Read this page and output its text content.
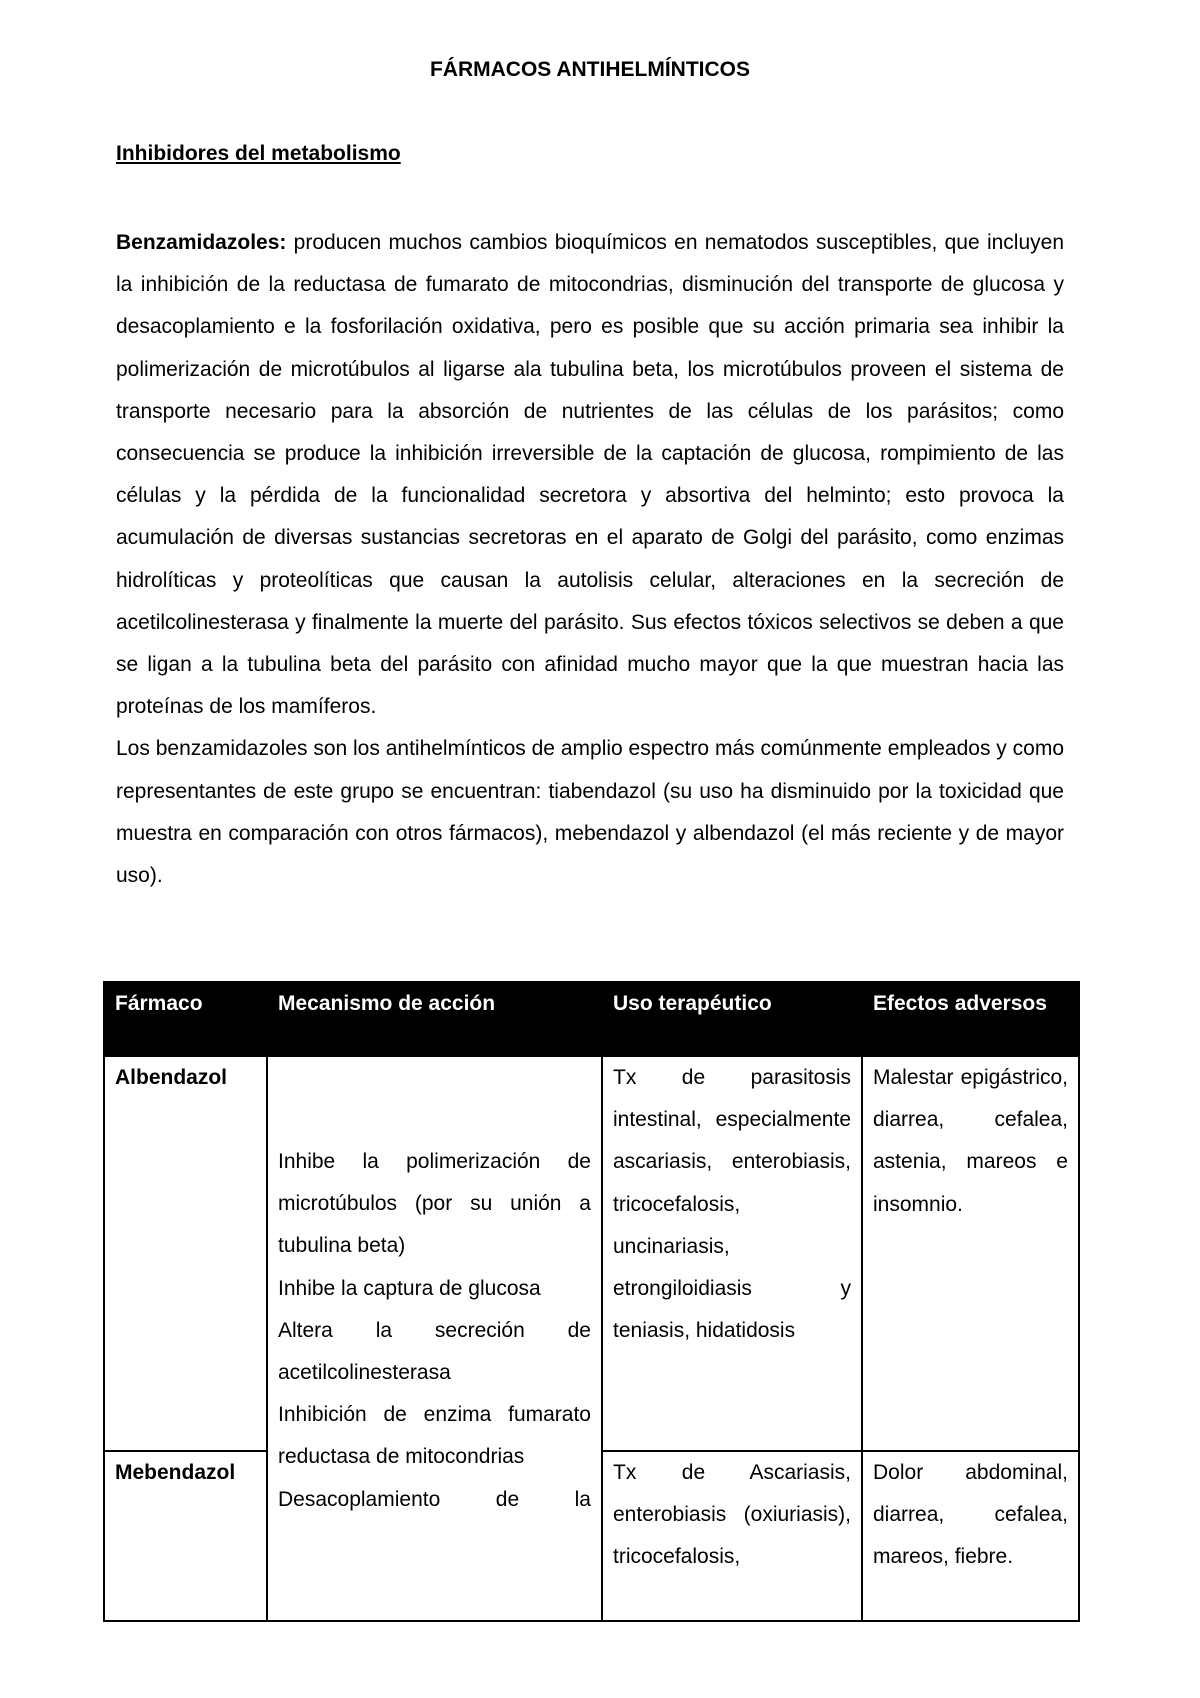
FÁRMACOS ANTIHELMÍNTICOS
Inhibidores del metabolismo

Benzamidazoles: producen muchos cambios bioquímicos en nematodos susceptibles, que incluyen la inhibición de la reductasa de fumarato de mitocondrias, disminución del transporte de glucosa y desacoplamiento e la fosforilación oxidativa, pero es posible que su acción primaria sea inhibir la polimerización de microtúbulos al ligarse ala tubulina beta, los microtúbulos proveen el sistema de transporte necesario para la absorción de nutrientes de las células de los parásitos; como consecuencia se produce la inhibición irreversible de la captación de glucosa, rompimiento de las células y la pérdida de la funcionalidad secretora y absortiva del helminto; esto provoca la acumulación de diversas sustancias secretoras en el aparato de Golgi del parásito, como enzimas hidrolíticas y proteolíticas que causan la autolisis celular, alteraciones en la secreción de acetilcolinesterasa y finalmente la muerte del parásito. Sus efectos tóxicos selectivos se deben a que se ligan a la tubulina beta del parásito con afinidad mucho mayor que la que muestran hacia las proteínas de los mamíferos.

Los benzamidazoles son los antihelmínticos de amplio espectro más comúnmente empleados y como representantes de este grupo se encuentran: tiabendazol (su uso ha disminuido por la toxicidad que muestra en comparación con otros fármacos), mebendazol y albendazol (el más reciente y de mayor uso).

Fármaco	Mecanismo de acción	Uso terapéutico	Efectos adversos
Albendazol	Inhibe la polimerización de microtúbulos (por su unión a tubulina beta)
Inhibe la captura de glucosa
Altera la secreción de acetilcolinesterasa
Inhibición de enzima fumarato reductasa de mitocondrias
Desacoplamiento de la	Tx de parasitosis intestinal, especialmente ascariasis, enterobiasis, tricocefalosis, uncinariasis, etrongiloidiasis y teniasis, hidatidosis	Malestar epigástrico, diarrea, cefalea, astenia, mareos e insomnio.
Mebendazol		Tx de Ascariasis, enterobiasis (oxiuriasis), tricocefalosis,	Dolor abdominal, diarrea, cefalea, mareos, fiebre.
